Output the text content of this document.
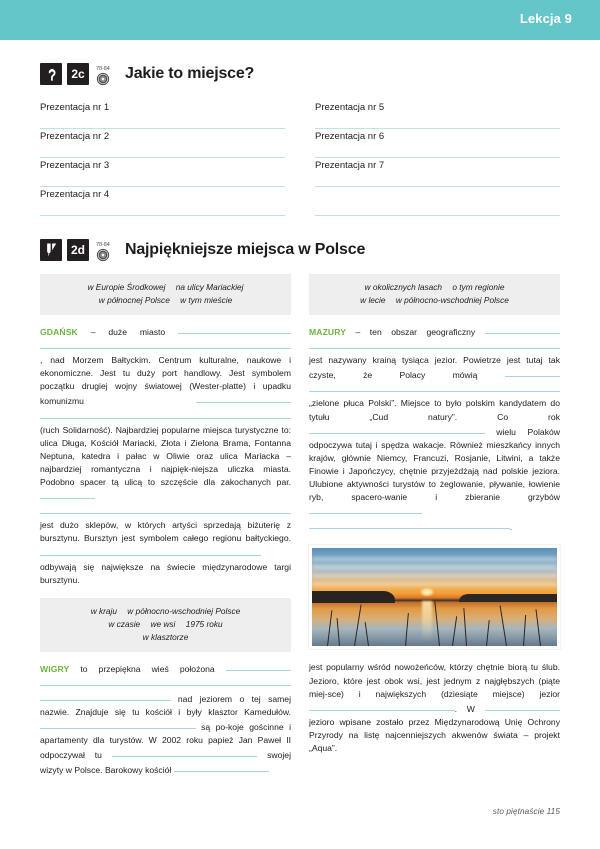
Lekcja 9
2c	78-84 Jakie to miejsce?
Prezentacja nr 1
Prezentacja nr 2
Prezentacja nr 3
Prezentacja nr 4
Prezentacja nr 5
Prezentacja nr 6
Prezentacja nr 7
2d	78-84 Najpiękniejsze miejsca w Polsce
w Europie Środkowej na ulicy Mariackiej
w północnej Polsce w tym mieście

GDAŃSK – duże miasto , nad Morzem Bałtyckim. Centrum kulturalne, naukowe i ekonomiczne. Jest tu duży port handlowy. Jest symbolem początku drugiej wojny światowej (Wester-platte) i upadku komunizmu

(ruch Solidarność). Najbardziej popularne miejsca turystyczne to: ulica Długa, Kościół Mariacki, Złota i Zielona Brama, Fontanna Neptuna, katedra i pałac w Oliwie oraz ulica Mariacka – najbardziej romantyczna i najpięk-niejsza uliczka miasta. Podobno spacer tą ulicą to szczęście dla zakochanych par.

jest dużo sklepów, w których artyści sprzedają biżuterię z bursztynu. Bursztyn jest symbolem całego regionu bałtyckiego. odbywają się największe na świecie międzynarodowe targi bursztynu.

w kraju w północno-wschodniej Polsce
w czasie we wsi 1975 roku
w klasztorze

WIGRY to przepiękna wieś położona  nad jeziorem o tej samej nazwie. Znajduje się tu kościół i były klasztor Kamedułów.  są po-koje gościnne i apartamenty dla turystów. W 2002 roku papież Jan Paweł II odpoczywał tu	swojej wizyty w Polsce. Barokowy kościół

w okolicznych lasach o tym regionie
w lecie w północno-wschodniej Polsce

MAZURY – ten obszar geograficzny jest nazywany krainą tysiąca jezior. Powietrze jest tutaj tak czyste, że Polacy mówią

„zielone płuca Polski”. Miejsce to było polskim kandydatem do tytułu „Cud natury”. Co rok  wielu Polaków odpoczywa tutaj i spędza wakacje. Również mieszkańcy innych krajów, głównie Niemcy, Francuzi, Rosjanie, Litwini, a także Finowie i Japończycy, chętnie przyjeżdżają nad polskie jeziora. Ulubione aktywności turystów to żeglowanie, pływanie, łowienie ryb, spacero-wanie i zbieranie grzybów .

jest popularny wśród nowożeńców, którzy chętnie biorą tu ślub. Jezioro, które jest obok wsi, jest jednym z najgłębszych (piąte miej-sce) i największych (dziesiąte miejsce) jezior . W jezioro wpisane zostało przez Międzynarodową Unię Ochrony Przyrody na listę najcenniejszych akwenów świata – projekt „Aqua”.

sto piętnaście 115
